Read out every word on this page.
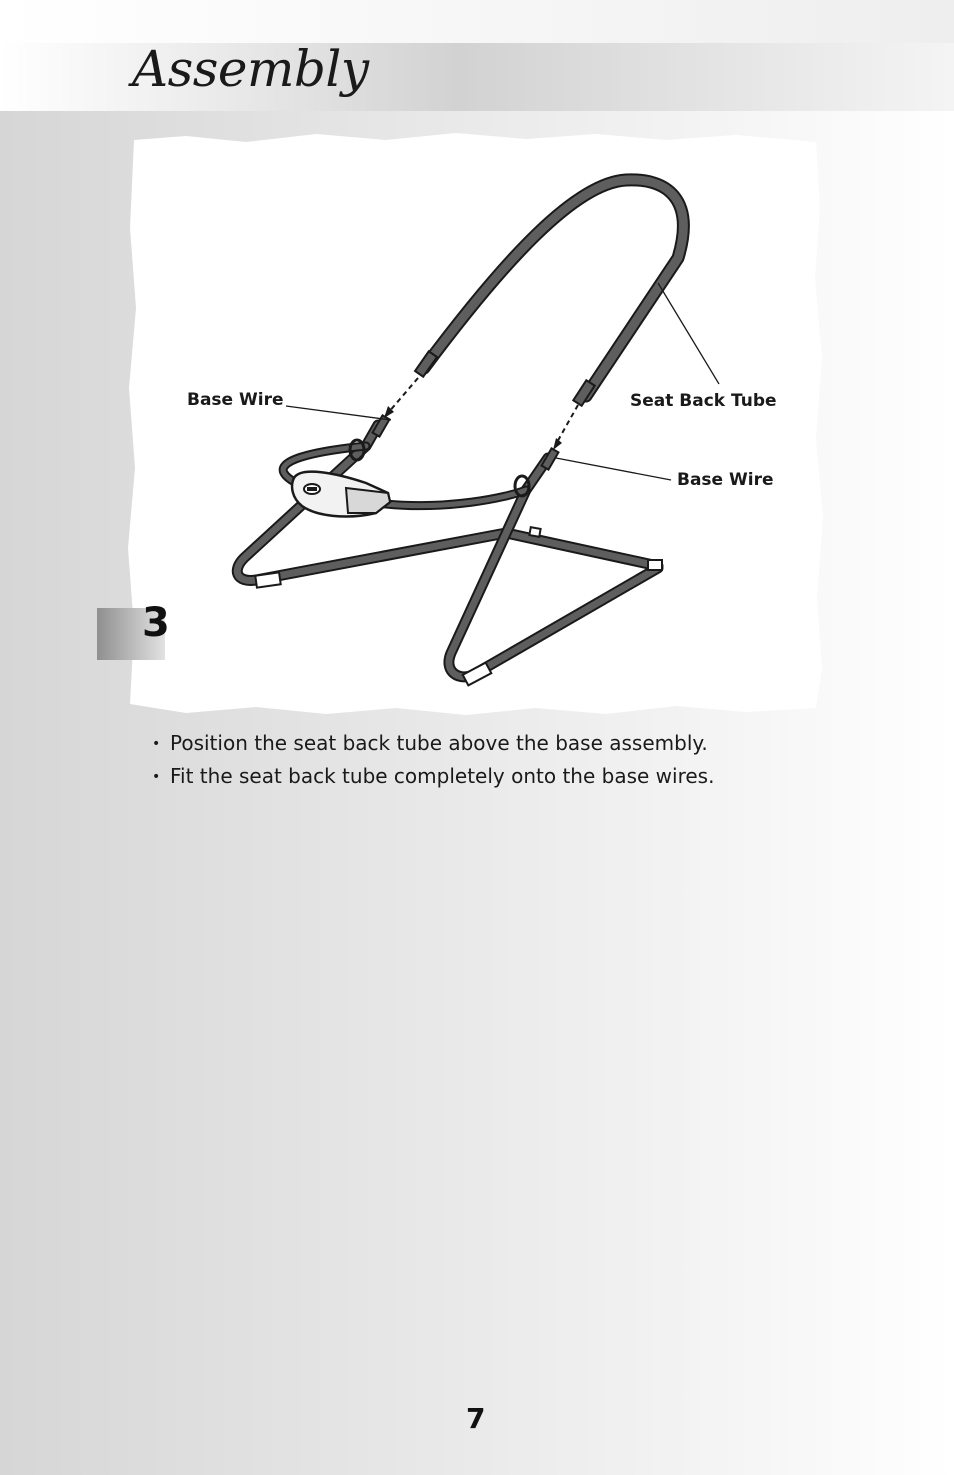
Assembly
Base Wire	Seat Back Tube
Base Wire
3
• Position the seat back tube above the base assembly.
• Fit the seat back tube completely onto the base wires.
7
